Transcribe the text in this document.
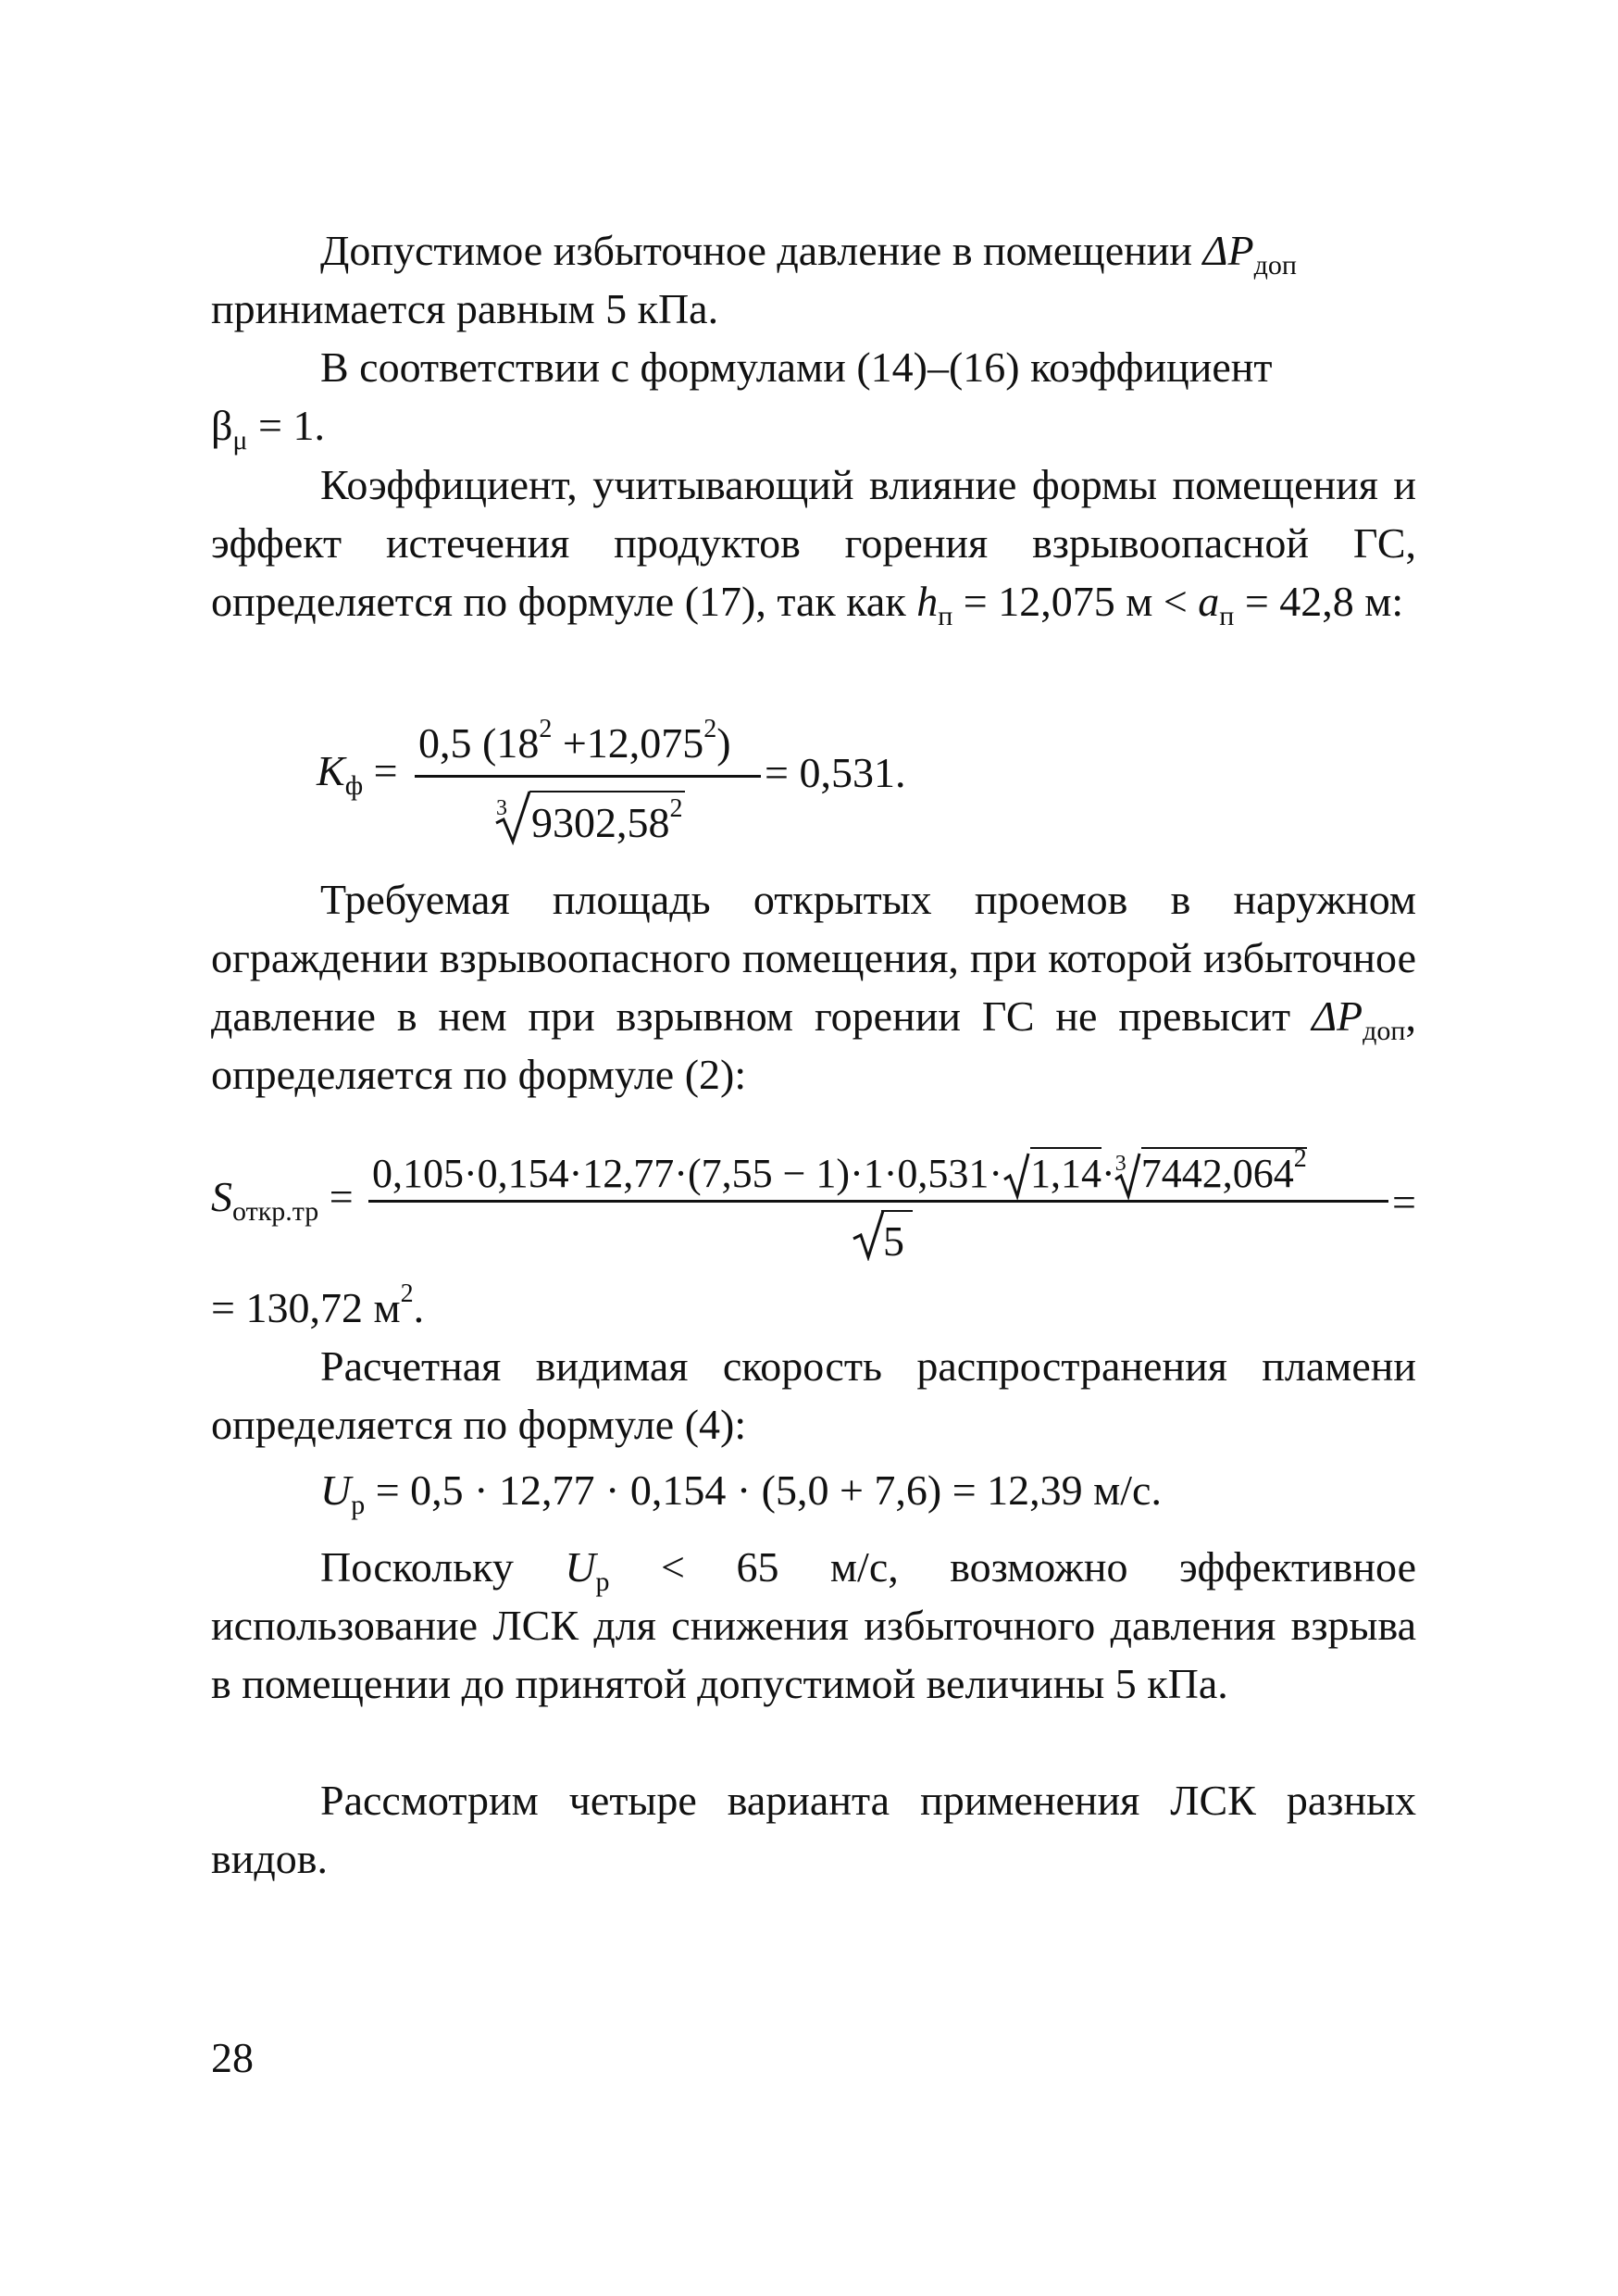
Допустимое избыточное давление в помещении $\Delta P_{доп}$
принимается равным 5 кПа.
В соответствии с формулами (14)–(16) коэффициент
$\beta_\mu = 1$.
Коэффициент, учитывающий влияние формы помещения и эффект истечения продуктов горения взрывоопасной ГС, определяется по формуле (17), так как $h_п = 12,075$ $м < a_п = 42,8$ м:
$K_ф$ =
0,5 $(18^2 +12,075^2)$
3 $9302,58^2$
= 0,531.
Требуемая площадь открытых проемов в наружном ограждении взрывоопасного помещения, при которой избыточное давление в нем при взрывном горении ГС не превысит $\Delta P_{доп}$, определяется по формуле (2):
$S_{откр.тр} = 0,105\cdot 0,154\cdot 12,77\cdot(7,55 - 1)\cdot 1\cdot 0,531\cdot 1,14\cdot^3$ 7442,064$^2$
5
=
= 130,72 $м^2$.
Расчетная видимая скорость распространения пламени определяется по формуле (4):
$U_р = 0,5 \cdot 12,77 \cdot 0,154 \cdot (5,0 + 7,6) = 12,39$ м/с.
Поскольку $U_р < 65$ м/с, возможно эффективное использование ЛСК для снижения избыточного давления взрыва в помещении до принятой допустимой величины 5 кПа.
Рассмотрим четыре варианта применения ЛСК разных видов.
28
